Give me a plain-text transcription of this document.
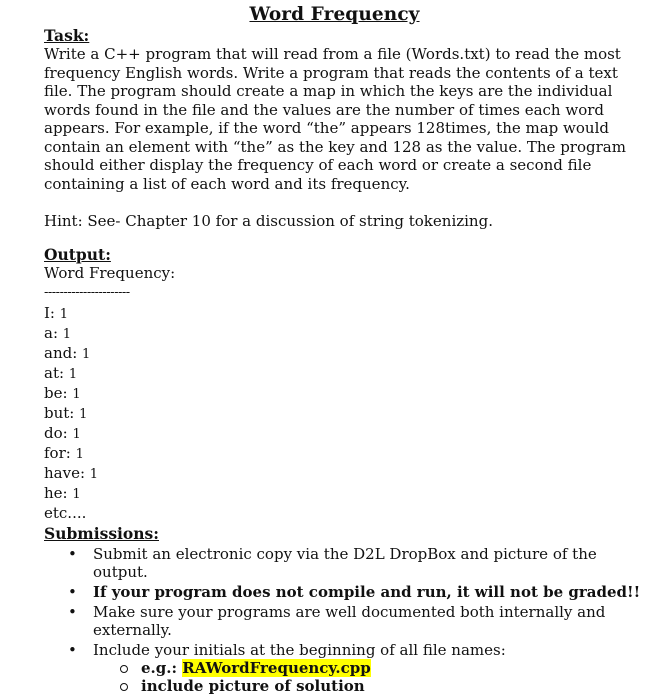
Word Frequency
Task:

Write a C++ program that will read from a file (Words.txt) to read the most frequency English words. Write a program that reads the contents of a text file. The program should create a map in which the keys are the individual words found in the file and the values are the number of times each word appears. For example, if the word “the” appears 128times, the map would contain an element with “the” as the key and 128 as the value. The program should either display the frequency of each word or create a second file containing a list of each word and its frequency.

Hint: See- Chapter 10 for a discussion of string tokenizing.
Output:
Word Frequency:
----------------------
I: 1
a: 1
and: 1
at: 1
be: 1
but: 1
do: 1
for: 1
have: 1
he: 1
etc....
Submissions:
• Submit an electronic copy via the D2L DropBox and picture of the output.
• If your program does not compile and run, it will not be graded!!
• Make sure your programs are well documented both internally and externally.
• Include your initials at the beginning of all file names:
e.g.: RAWordFrequency.cpp
include picture of solution
